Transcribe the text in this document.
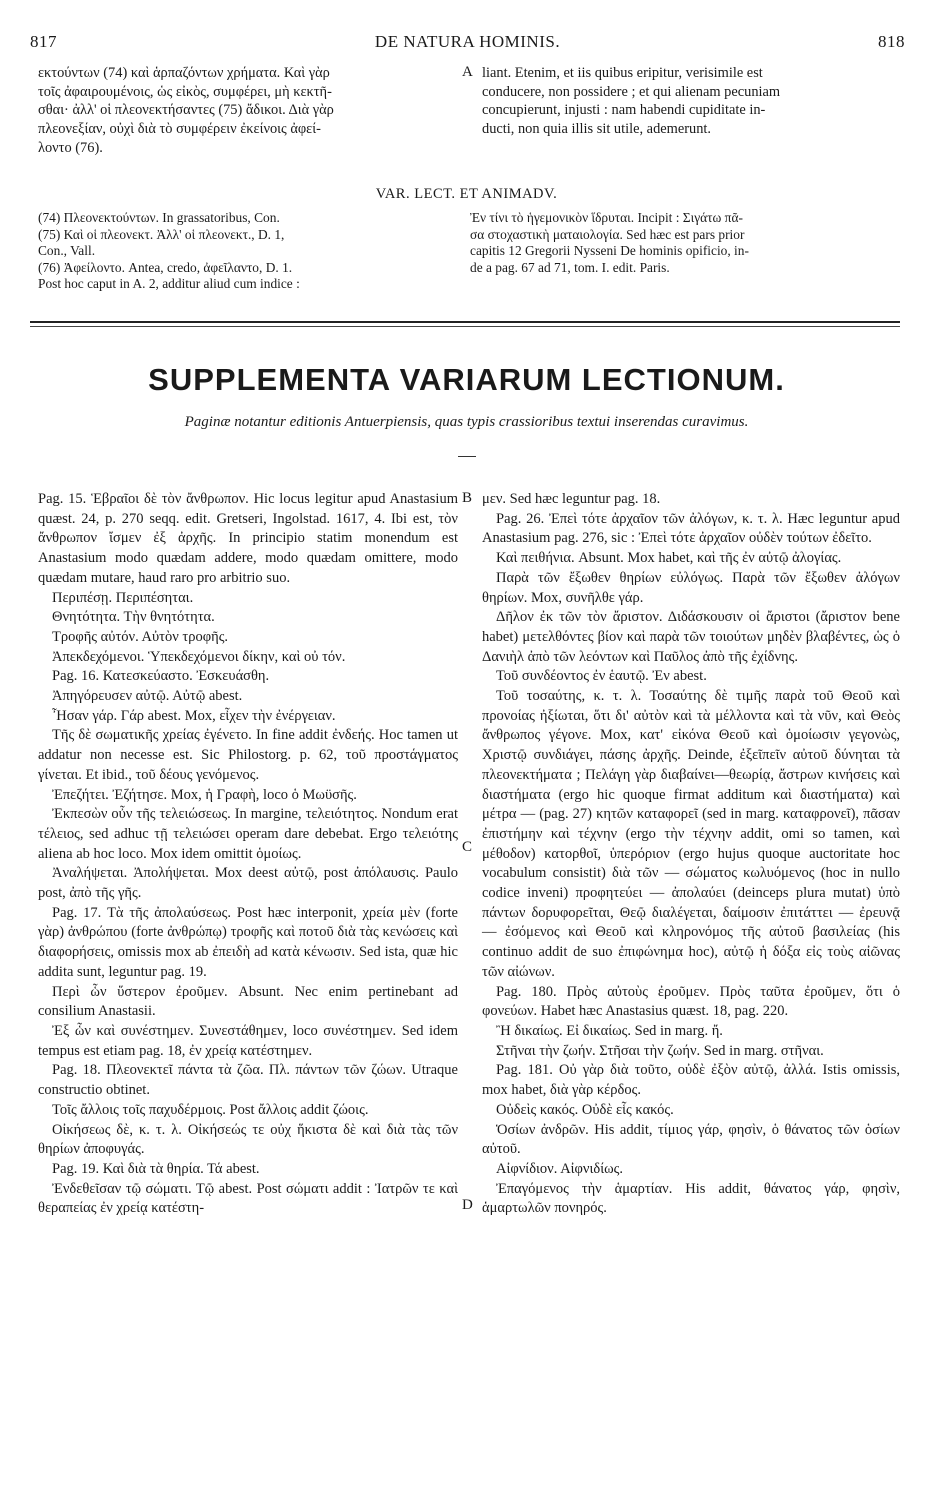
817	DE NATURA HOMINIS.	818

εκτούντων (74) καὶ ἁρπαζόντων χρήματα. Καὶ γὰρ

τοῖς ἀφαιρουμένοις, ὡς εἰκὸς, συμφέρει, μὴ κεκτῆ-

σθαι· ἀλλ' οἱ πλεονεκτήσαντες (75) ἄδικοι. Διὰ γὰρ

πλεονεξίαν, οὐχὶ διὰ τὸ συμφέρειν ἐκείνοις ἀφεί-

λοντο (76).

A liant. Etenim, et iis quibus eripitur, verisimile est

conducere, non possidere ; et qui alienam pecuniam

concupierunt, injusti : nam habendi cupiditate in-

ducti, non quia illis sit utile, ademerunt.

VAR. LECT. ET ANIMADV.

(74) Πλεονεκτούντων. In grassatoribus, Con.

(75) Καὶ οἱ πλεονεκτ. Ἀλλ' οἱ πλεονεκτ., D. 1,

Con., Vall.

(76) Ἀφείλοντο. Antea, credo, ἀφεῖλαντο, D. 1.

Post hoc caput in A. 2, additur aliud cum indice :

Ἐν τίνι τὸ ἡγεμονικὸν ἵδρυται. Incipit : Σιγάτω πᾶ-

σα στοχαστικὴ ματαιολογία. Sed hæc est pars prior

capitis 12 Gregorii Nysseni De hominis opificio, in-

de a pag. 67 ad 71, tom. I. edit. Paris.

SUPPLEMENTA VARIARUM LECTIONUM.
Paginæ notantur editionis Antuerpiensis, quas typis crassioribus textui inserendas curavimus.

Pag. 15. Ἑβραῖοι δὲ τὸν ἄνθρωπον. Hic locus legitur apud Anastasium quæst. 24, p. 270 seqq. edit. Gretseri, Ingolstad. 1617, 4. Ibi est, τὸν ἄνθρωπον ἴσμεν ἐξ ἀρχῆς. In principio statim monendum est Anastasium modo quædam addere, modo quædam omittere, modo quædam mutare, haud raro pro arbitrio suo.

Περιπέσῃ. Περιπέσηται.

Θνητότητα. Τὴν θνητότητα.

Τροφῆς αὐτόν. Αὐτὸν τροφῆς.

Ἀπεκδεχόμενοι. Ὑπεκδεχόμενοι δίκην, καὶ οὐ τόν.

Pag. 16. Κατεσκεύαστο. Ἐσκευάσθη.

Ἀπηγόρευσεν αὐτῷ. Αὐτῷ abest.

Ἦσαν γάρ. Γάρ abest. Mox, εἶχεν τὴν ἐνέργειαν.

Τῆς δὲ σωματικῆς χρείας ἐγένετο. In fine addit ἐνδεής. Hoc tamen ut addatur non necesse est. Sic Philostorg. p. 62, τοῦ προστάγματος γίνεται. Et ibid., τοῦ δέους γενόμενος.

Ἐπεζήτει. Ἐζήτησε. Mox, ἡ Γραφὴ, loco ὁ Μωϋσῆς.

Ἐκπεσὼν οὖν τῆς τελειώσεως. In margine, τελειότητος. Nondum erat τέλειος, sed adhuc τῇ τελειώσει operam dare debebat. Ergo τελειότης aliena ab hoc loco. Mox idem omittit ὁμοίως.

Ἀναλήψεται. Ἀπολήψεται. Mox deest αὐτῷ, post ἀπόλαυσις. Paulo post, ἀπὸ τῆς γῆς.

Pag. 17. Τὰ τῆς ἀπολαύσεως. Post hæc interponit, χρεία μὲν (forte γὰρ) ἀνθρώπου (forte ἀνθρώπῳ) τροφῆς καὶ ποτοῦ διὰ τὰς κενώσεις καὶ διαφορήσεις, omissis mox ab ἐπειδὴ ad κατὰ κένωσιν. Sed ista, quæ hic addita sunt, leguntur pag. 19.

Περὶ ὧν ὕστερον ἐροῦμεν. Absunt. Nec enim pertinebant ad consilium Anastasii.

Ἐξ ὧν καὶ συνέστημεν. Συνεστάθημεν, loco συνέστημεν. Sed idem tempus est etiam pag. 18, ἐν χρείᾳ κατέστημεν.

Pag. 18. Πλεονεκτεῖ πάντα τὰ ζῶα. Πλ. πάντων τῶν ζώων. Utraque constructio obtinet.

Τοῖς ἄλλοις τοῖς παχυδέρμοις. Post ἄλλοις addit ζώοις.

Οἰκήσεως δὲ, κ. τ. λ. Οἰκήσεώς τε οὐχ ἥκιστα δὲ καὶ διὰ τὰς τῶν θηρίων ἀποφυγάς.

Pag. 19. Καὶ διὰ τὰ θηρία. Τά abest.

Ἐνδεθεῖσαν τῷ σώματι. Τῷ abest. Post σώματι addit : Ἰατρῶν τε καὶ θεραπείας ἐν χρείᾳ κατέστη-

B
C
D

μεν. Sed hæc leguntur pag. 18.

Pag. 26. Ἐπεὶ τότε ἀρχαῖον τῶν ἀλόγων, κ. τ. λ. Hæc leguntur apud Anastasium pag. 276, sic : Ἐπεὶ τότε ἀρχαῖον οὐδὲν τούτων ἐδεῖτο.

Καὶ πειθήνια. Absunt. Mox habet, καὶ τῆς ἐν αὐτῷ ἀλογίας.

Παρὰ τῶν ἔξωθεν θηρίων εὐλόγως. Παρὰ τῶν ἔξωθεν ἀλόγων θηρίων. Mox, συνῆλθε γάρ.

Δῆλον ἐκ τῶν τὸν ἄριστον. Διδάσκουσιν οἱ ἄριστοι (ἄριστον bene habet) μετελθόντες βίον καὶ παρὰ τῶν τοιούτων μηδὲν βλαβέντες, ὡς ὁ Δανιὴλ ἀπὸ τῶν λεόντων καὶ Παῦλος ἀπὸ τῆς ἐχίδνης.

Τοῦ συνδέοντος ἐν ἑαυτῷ. Ἐν abest.

Τοῦ τοσαύτης, κ. τ. λ. Τοσαύτης δὲ τιμῆς παρὰ τοῦ Θεοῦ καὶ προνοίας ἠξίωται, ὅτι δι' αὐτὸν καὶ τὰ μέλλοντα καὶ τὰ νῦν, καὶ Θεὸς ἄνθρωπος γέγονε. Mox, κατ' εἰκόνα Θεοῦ καὶ ὁμοίωσιν γεγονὼς, Χριστῷ συνδιάγει, πάσης ἀρχῆς. Deinde, ἐξεῖπεῖν αὐτοῦ δύνηται τὰ πλεονεκτήματα ; Πελάγη γὰρ διαβαίνει—θεωρίᾳ, ἄστρων κινήσεις καὶ διαστήματα (ergo hic quoque firmat additum καὶ διαστήματα) καὶ μέτρα — (pag. 27) κητῶν καταφορεῖ (sed in marg. καταφρονεῖ), πᾶσαν ἐπιστήμην καὶ τέχνην (ergo τὴν τέχνην addit, omi so tamen, καὶ μέθοδον) κατορθοῖ, ὑπερόριον (ergo hujus quoque auctoritate hoc vocabulum consistit) διὰ τῶν — σώματος κωλυόμενος (hoc in nullo codice inveni) προφητεύει — ἀπολαύει (deinceps plura mutat) ὑπὸ πάντων δορυφορεῖται, Θεῷ διαλέγεται, δαίμοσιν ἐπιτάττει — ἐρευνᾷ — ἐσόμενος καὶ Θεοῦ καὶ κληρονόμος τῆς αὐτοῦ βασιλείας (his continuo addit de suo ἐπιφώνημα hoc), αὐτῷ ἡ δόξα εἰς τοὺς αἰῶνας τῶν αἰώνων.

Pag. 180. Πρὸς αὐτοὺς ἐροῦμεν. Πρὸς ταῦτα ἐροῦμεν, ὅτι ὁ φονεύων. Habet hæc Anastasius quæst. 18, pag. 220.

Ἢ δικαίως. Εἰ δικαίως. Sed in marg. ἤ.

Στῆναι τὴν ζωήν. Στῆσαι τὴν ζωήν. Sed in marg. στῆναι.

Pag. 181. Οὐ γὰρ διὰ τοῦτο, οὐδὲ ἐξὸν αὐτῷ, ἀλλά. Istis omissis, mox habet, διὰ γὰρ κέρδος.

Οὐδεὶς κακός. Οὐδὲ εἷς κακός.

Ὁσίων ἀνδρῶν. His addit, τίμιος γάρ, φησὶν, ὁ θάνατος τῶν ὁσίων αὐτοῦ.

Αἰφνίδιον. Αἰφνιδίως.

Ἐπαγόμενος τὴν ἁμαρτίαν. His addit, θάνατος γάρ, φησὶν, ἁμαρτωλῶν πονηρός.
